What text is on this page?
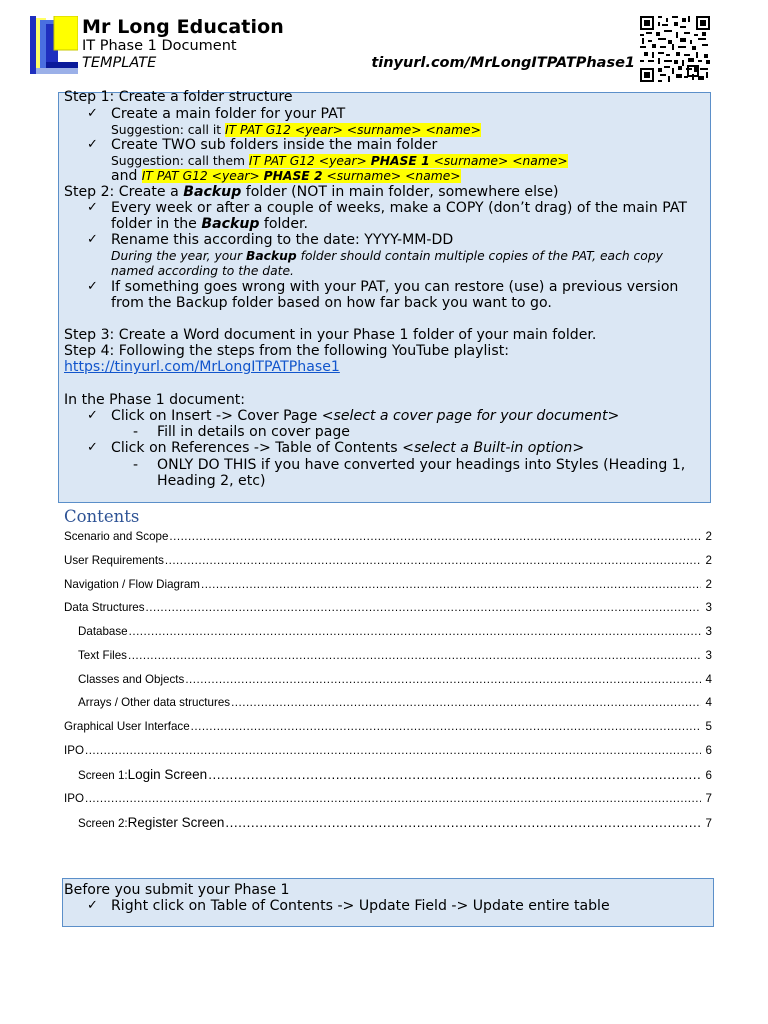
Mr Long Education
IT Phase 1 Document
TEMPLATE	tinyurl.com/MrLongITPATPhase1
Step 1: Create a folder structure
✓ Create a main folder for your PAT
Suggestion: call it IT PAT G12 <year> <surname> <name>
✓ Create TWO sub folders inside the main folder
Suggestion: call them IT PAT G12 <year> PHASE 1 <surname> <name>
and IT PAT G12 <year> PHASE 2 <surname> <name>
Step 2: Create a Backup folder (NOT in main folder, somewhere else)
✓ Every week or after a couple of weeks, make a COPY (don’t drag) of the main PAT
folder in the Backup folder.
✓ Rename this according to the date: YYYY-MM-DD
During the year, your Backup folder should contain multiple copies of the PAT, each copy
named according to the date.
✓ If something goes wrong with your PAT, you can restore (use) a previous version
from the Backup folder based on how far back you want to go.
Step 3: Create a Word document in your Phase 1 folder of your main folder.
Step 4: Following the steps from the following YouTube playlist:
https://tinyurl.com/MrLongITPATPhase1
In the Phase 1 document:
✓ Click on Insert -> Cover Page <select a cover page for your document>
- Fill in details on cover page
✓ Click on References -> Table of Contents <select a Built-in option>
- ONLY DO THIS if you have converted your headings into Styles (Heading 1,
Heading 2, etc)
Contents
Scenario and Scope .....	2
User Requirements .....	2
Navigation / Flow Diagram .....	2
Data Structures .....	3
Database .....	3
Text Files .....	3
Classes and Objects .....	4
Arrays / Other data structures .....	4
Graphical User Interface .....	5
IPO .....	6
Screen 1: Login Screen .....	6
IPO .....	7
Screen 2: Register Screen .....	7
Before you submit your Phase 1
✓ Right click on Table of Contents -> Update Field -> Update entire table
